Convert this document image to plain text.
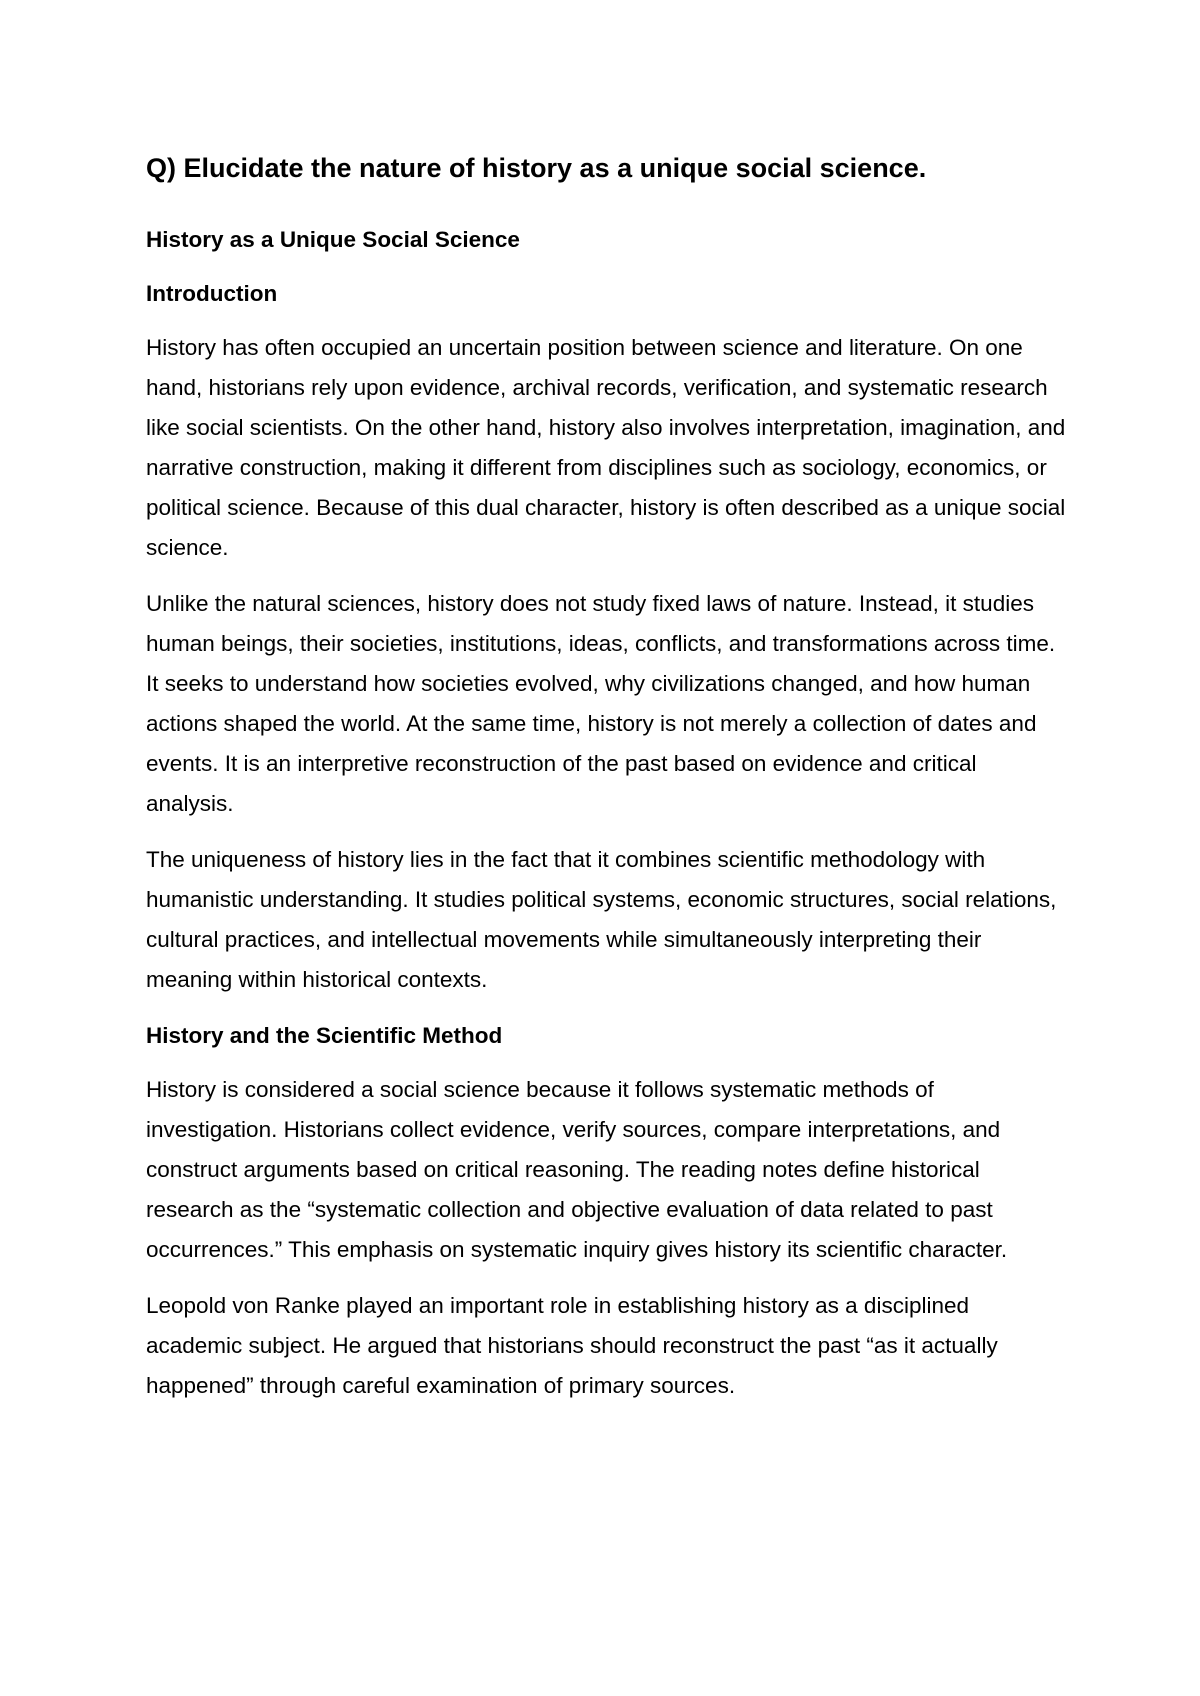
Q) Elucidate the nature of history as a unique social science.
History as a Unique Social Science
Introduction

History has often occupied an uncertain position between science and literature. On one hand, historians rely upon evidence, archival records, verification, and systematic research like social scientists. On the other hand, history also involves interpretation, imagination, and narrative construction, making it different from disciplines such as sociology, economics, or political science. Because of this dual character, history is often described as a unique social science.

Unlike the natural sciences, history does not study fixed laws of nature. Instead, it studies human beings, their societies, institutions, ideas, conflicts, and transformations across time. It seeks to understand how societies evolved, why civilizations changed, and how human actions shaped the world. At the same time, history is not merely a collection of dates and events. It is an interpretive reconstruction of the past based on evidence and critical analysis.

The uniqueness of history lies in the fact that it combines scientific methodology with humanistic understanding. It studies political systems, economic structures, social relations, cultural practices, and intellectual movements while simultaneously interpreting their meaning within historical contexts.

History and the Scientific Method

History is considered a social science because it follows systematic methods of investigation. Historians collect evidence, verify sources, compare interpretations, and construct arguments based on critical reasoning. The reading notes define historical research as the “systematic collection and objective evaluation of data related to past occurrences.” This emphasis on systematic inquiry gives history its scientific character.

Leopold von Ranke played an important role in establishing history as a disciplined academic subject. He argued that historians should reconstruct the past “as it actually happened” through careful examination of primary sources.
